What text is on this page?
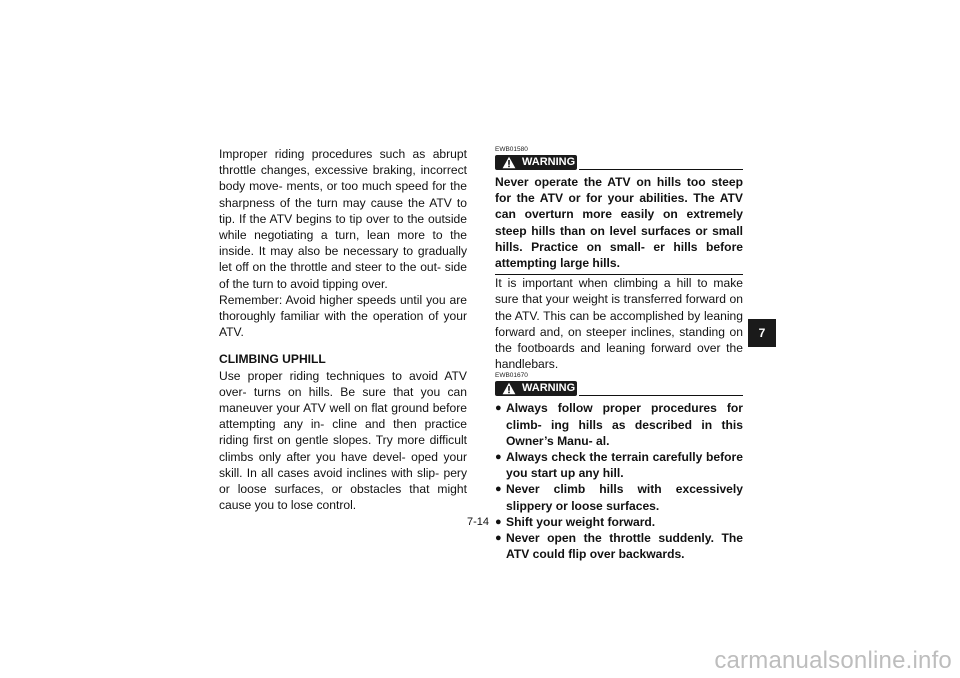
Improper riding procedures such as abrupt throttle changes, excessive braking, incorrect body move- ments, or too much speed for the sharpness of the turn may cause the ATV to tip. If the ATV begins to tip over to the outside while negotiating a turn, lean more to the inside. It may also be necessary to gradually let off on the throttle and steer to the out- side of the turn to avoid tipping over.

Remember: Avoid higher speeds until you are thoroughly familiar with the operation of your ATV.

CLIMBING UPHILL

Use proper riding techniques to avoid ATV over- turns on hills. Be sure that you can maneuver your ATV well on flat ground before attempting any in- cline and then practice riding first on gentle slopes. Try more difficult climbs only after you have devel- oped your skill. In all cases avoid inclines with slip- pery or loose surfaces, or obstacles that might cause you to lose control.

EWB01580
WARNING

Never operate the ATV on hills too steep for the ATV or for your abilities. The ATV can overturn more easily on extremely steep hills than on level surfaces or small hills. Practice on small- er hills before attempting large hills.

It is important when climbing a hill to make sure that your weight is transferred forward on the ATV. This can be accomplished by leaning forward and, on steeper inclines, standing on the footboards and leaning forward over the handlebars.

EWB01670
WARNING
● Always follow proper procedures for climb- ing hills as described in this Owner’s Manu- al.
● Always check the terrain carefully before you start up any hill.
● Never climb hills with excessively slippery or loose surfaces.
● Shift your weight forward.
● Never open the throttle suddenly. The ATV could flip over backwards.
7
7-14
carmanualsonline.info
